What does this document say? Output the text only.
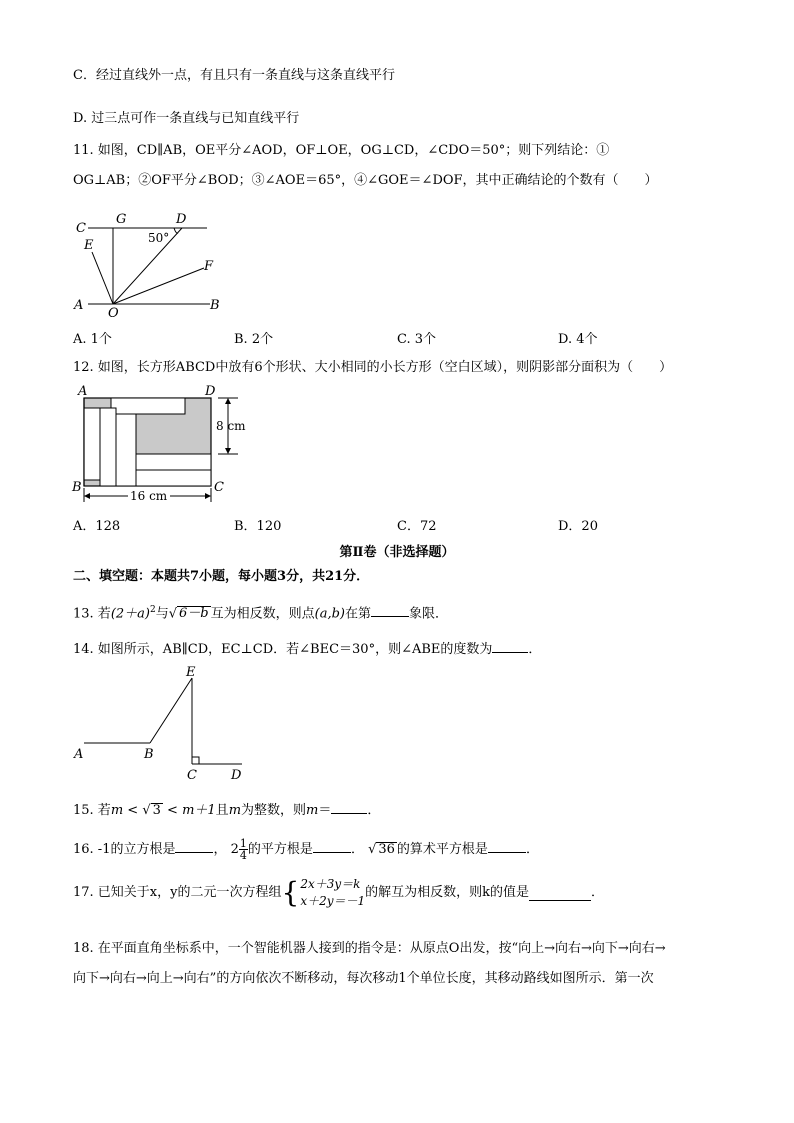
C．经过直线外一点，有且只有一条直线与这条直线平行
D. 过三点可作一条直线与已知直线平行
11. 如图，CD∥AB，OE平分∠AOD，OF⊥OE，OG⊥CD，∠CDO＝50°；则下列结论：①
OG⊥AB；②OF平分∠BOD；③∠AOE＝65°，④∠GOE＝∠DOF，其中正确结论的个数有（　　）
C
G	D
50°
E
F
A
O
B
A. 1个	B. 2个	C. 3个	D. 4个
12. 如图，长方形ABCD中放有6个形状、大小相同的小长方形（空白区域），则阴影部分面积为（　　）
A	D
B	C
8 cm
16 cm
A．128	B．120	C．72	D．20
第Ⅱ卷（非选择题）
二、填空题：本题共7小题，每小题3分，共21分．
13. 若$(2+a)^2$与√ 6－b 互为相反数，则点(a,b)在第	象限．
14. 如图所示，AB∥CD，EC⊥CD．若∠BEC＝30°，则∠ABE的度数为	．
E
A	B
C	D
15. 若m < √ 3 < m＋1且m为整数，则m＝	．
16. -1的立方根是	， $2 \frac{1}{4}$ 的平方根是	． √ 36 的算术平方根是	．
17. 已知关于x，y的二元一次方程组{ 2x＋3y＝k
x＋2y＝－1
的解互为相反数，则k的值是	．
18. 在平面直角坐标系中，一个智能机器人接到的指令是：从原点O出发，按“向上→向右→向下→向右→
向下→向右→向上→向右”的方向依次不断移动，每次移动1个单位长度，其移动路线如图所示．第一次
